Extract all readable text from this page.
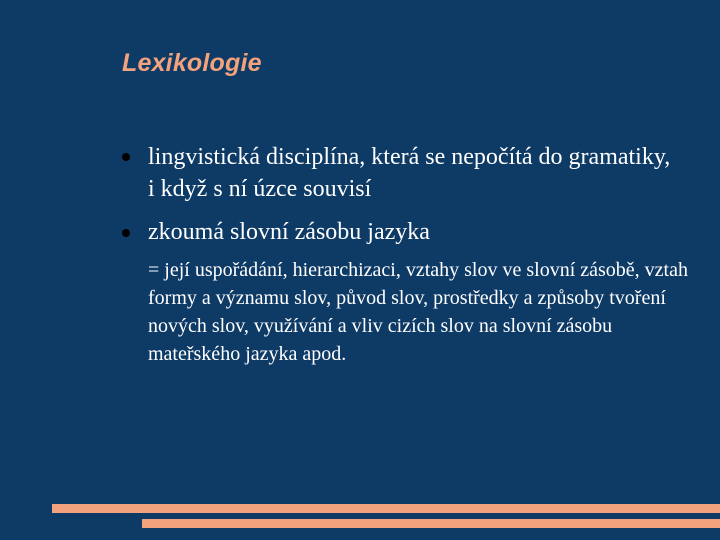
Lexikologie
lingvistická disciplína, která se nepočítá do gramatiky, i když s ní úzce souvisí
zkoumá slovní zásobu jazyka
= její uspořádání, hierarchizaci, vztahy slov ve slovní zásobě, vztah formy a významu slov, původ slov, prostředky a způsoby tvoření nových slov, využívání a vliv cizích slov na slovní zásobu mateřského jazyka apod.
